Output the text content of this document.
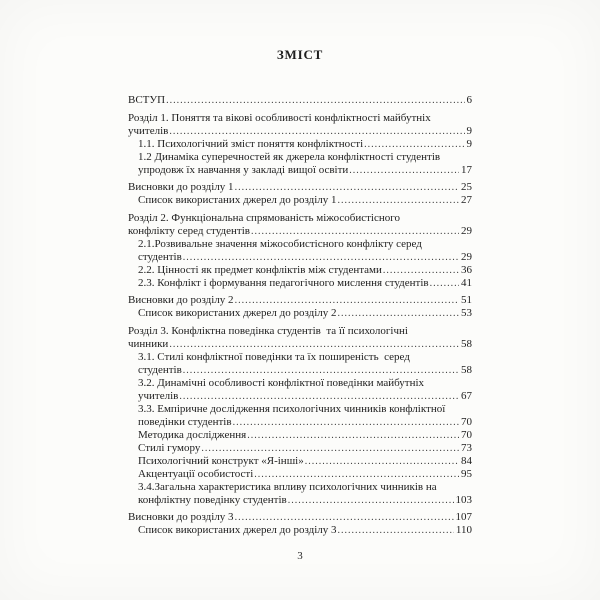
ЗМІСТ
ВСТУП .....	6
Розділ 1. Поняття та вікові особливості конфліктності майбутніх
учителів .....	9
1.1. Психологічний зміст поняття конфліктності .....	9
1.2 Динаміка суперечностей як джерела конфліктності студентів
упродовж їх навчання у закладі вищої освіти .....	17
Висновки до розділу 1 .....	25
Список використаних джерел до розділу 1 .....	27
Розділ 2. Функціональна спрямованість міжособистісного
конфлікту серед студентів .....	29
2.1.Розвивальне значення міжособистісного конфлікту серед
студентів .....	29
2.2. Цінності як предмет конфліктів між студентами .....	36
2.3. Конфлікт і формування педагогічного мислення студентів .....	41
Висновки до розділу 2 .....	51
Список використаних джерел до розділу 2 .....	53
Розділ 3. Конфліктна поведінка студентів  та її психологічні
чинники .....	58
3.1. Стилі конфліктної поведінки та їх поширеність  серед
студентів .....	58
3.2. Динамічні особливості конфліктної поведінки майбутніх
учителів .....	67
3.3. Емпіричне дослідження психологічних чинників конфліктної
поведінки студентів .....	70
Методика дослідження .....	70
Стилі гумору .....	73
Психологічний конструкт «Я-інші» .....	84
Акцентуації особистості .....	95
3.4.Загальна характеристика впливу психологічних чинників на
конфліктну поведінку студентів .....	103
Висновки до розділу 3 .....	107
Список використаних джерел до розділу 3 .....	110
3
